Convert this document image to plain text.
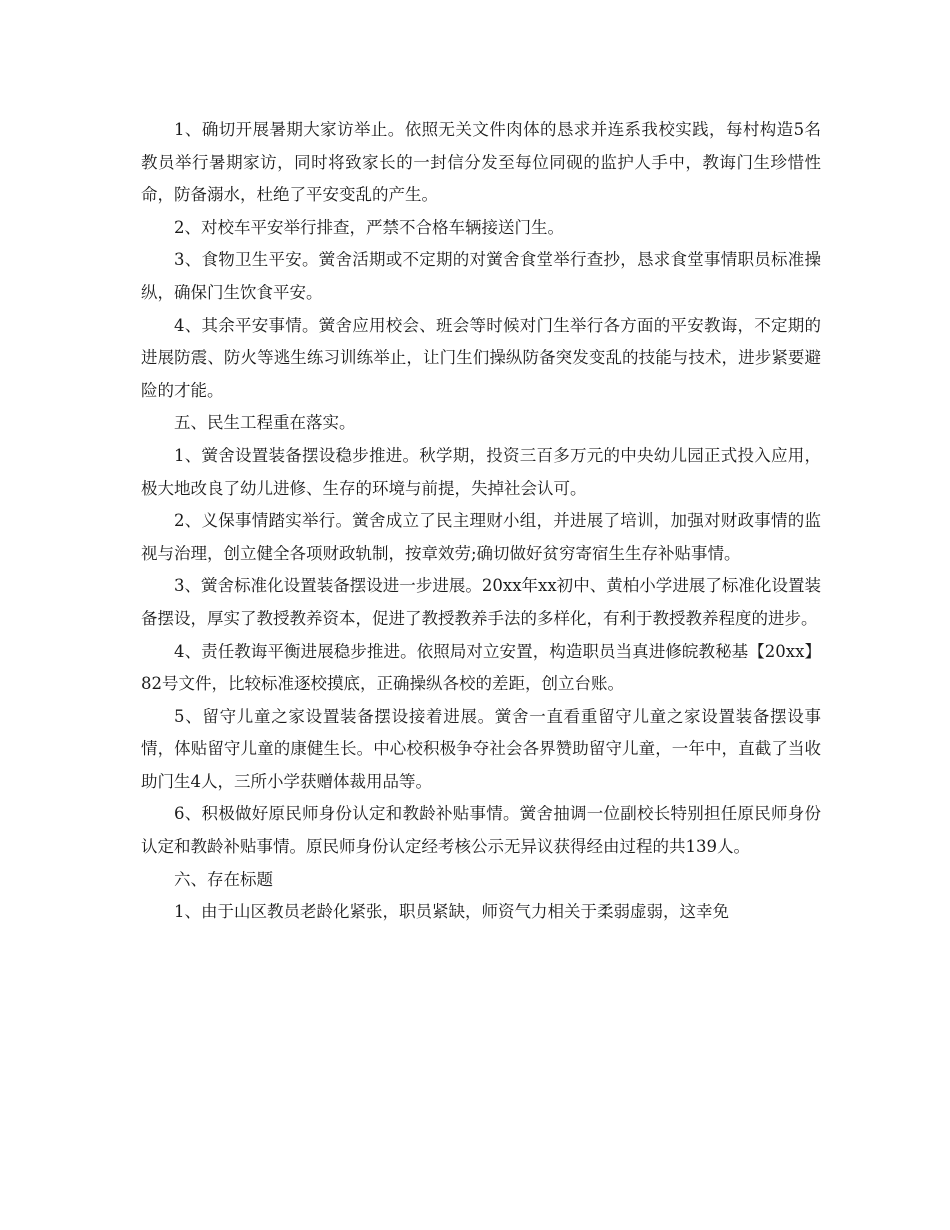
1、确切开展暑期大家访举止。依照无关文件肉体的恳求并连系我校实践，每村构造5名教员举行暑期家访，同时将致家长的一封信分发至每位同砚的监护人手中，教诲门生珍惜性命，防备溺水，杜绝了平安变乱的产生。

2、对校车平安举行排查，严禁不合格车辆接送门生。

3、食物卫生平安。黉舍活期或不定期的对黉舍食堂举行查抄，恳求食堂事情职员标准操纵，确保门生饮食平安。

4、其余平安事情。黉舍应用校会、班会等时候对门生举行各方面的平安教诲，不定期的进展防震、防火等逃生练习训练举止，让门生们操纵防备突发变乱的技能与技术，进步紧要避险的才能。

五、民生工程重在落实。

1、黉舍设置装备摆设稳步推进。秋学期，投资三百多万元的中央幼儿园正式投入应用，极大地改良了幼儿进修、生存的环境与前提，失掉社会认可。

2、义保事情踏实举行。黉舍成立了民主理财小组，并进展了培训，加强对财政事情的监视与治理，创立健全各项财政轨制，按章效劳;确切做好贫穷寄宿生生存补贴事情。

3、黉舍标准化设置装备摆设进一步进展。20xx年xx初中、黄柏小学进展了标准化设置装备摆设，厚实了教授教养资本，促进了教授教养手法的多样化，有利于教授教养程度的进步。

4、责任教诲平衡进展稳步推进。依照局对立安置，构造职员当真进修皖教秘基【20xx】82号文件，比较标准逐校摸底，正确操纵各校的差距，创立台账。

5、留守儿童之家设置装备摆设接着进展。黉舍一直看重留守儿童之家设置装备摆设事情，体贴留守儿童的康健生长。中心校积极争夺社会各界赞助留守儿童，一年中，直截了当收助门生4人，三所小学获赠体裁用品等。

6、积极做好原民师身份认定和教龄补贴事情。黉舍抽调一位副校长特别担任原民师身份认定和教龄补贴事情。原民师身份认定经考核公示无异议获得经由过程的共139人。

六、存在标题

1、由于山区教员老龄化紧张，职员紧缺，师资气力相关于柔弱虚弱，这幸免
